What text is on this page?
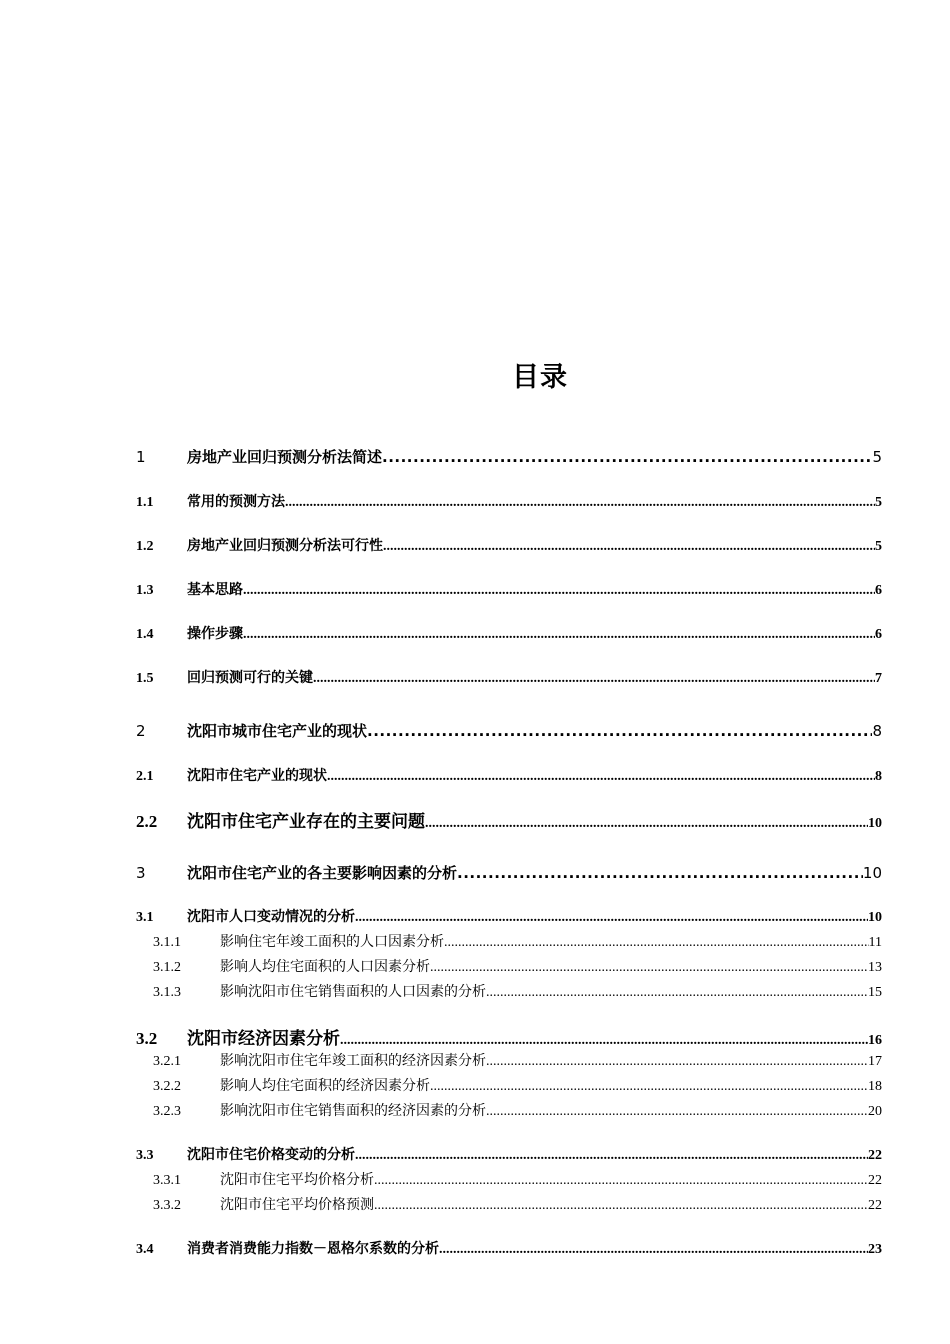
目录
1	房地产业回归预测分析法简述 .....	5
1.1	常用的预测方法 .....	5
1.2	房地产业回归预测分析法可行性 .....	5
1.3	基本思路 .....	6
1.4	操作步骤 .....	6
1.5	回归预测可行的关键 .....	7
2	沈阳市城市住宅产业的现状 .....	8
2.1	沈阳市住宅产业的现状 .....	8
2.2	沈阳市住宅产业存在的主要问题 .....	10
3	沈阳市住宅产业的各主要影响因素的分析 .....	10
3.1	沈阳市人口变动情况的分析 .....	10
3.1.1	影响住宅年竣工面积的人口因素分析 .....	11
3.1.2	影响人均住宅面积的人口因素分析 .....	13
3.1.3	影响沈阳市住宅销售面积的人口因素的分析 .....	15
3.2	沈阳市经济因素分析 .....	16
3.2.1	影响沈阳市住宅年竣工面积的经济因素分析 .....	17
3.2.2	影响人均住宅面积的经济因素分析 .....	18
3.2.3	影响沈阳市住宅销售面积的经济因素的分析 .....	20
3.3	沈阳市住宅价格变动的分析 .....	22
3.3.1	沈阳市住宅平均价格分析 .....	22
3.3.2	沈阳市住宅平均价格预测 .....	22
3.4	消费者消费能力指数－恩格尔系数的分析 .....	23
